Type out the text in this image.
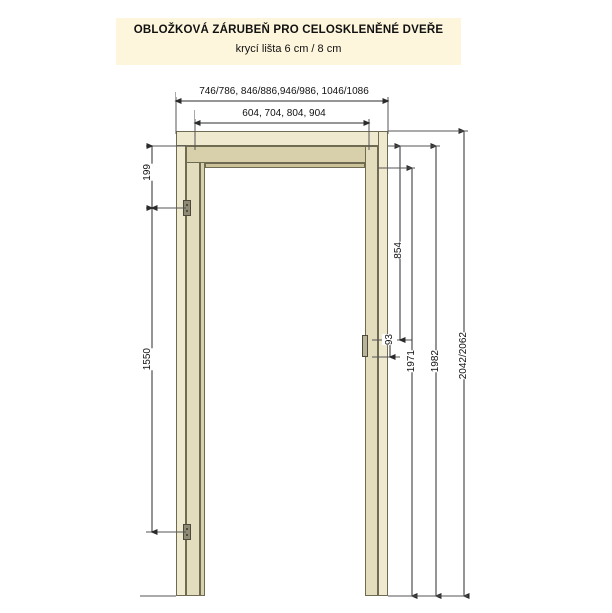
OBLOŽKOVÁ ZÁRUBEŇ PRO CELOSKLENĚNÉ DVEŘE
krycí lišta 6 cm / 8 cm
746/786, 846/886,946/986, 1046/1086
604, 704, 804, 904
199
1550
854
93
1971 1982 2042/2062
